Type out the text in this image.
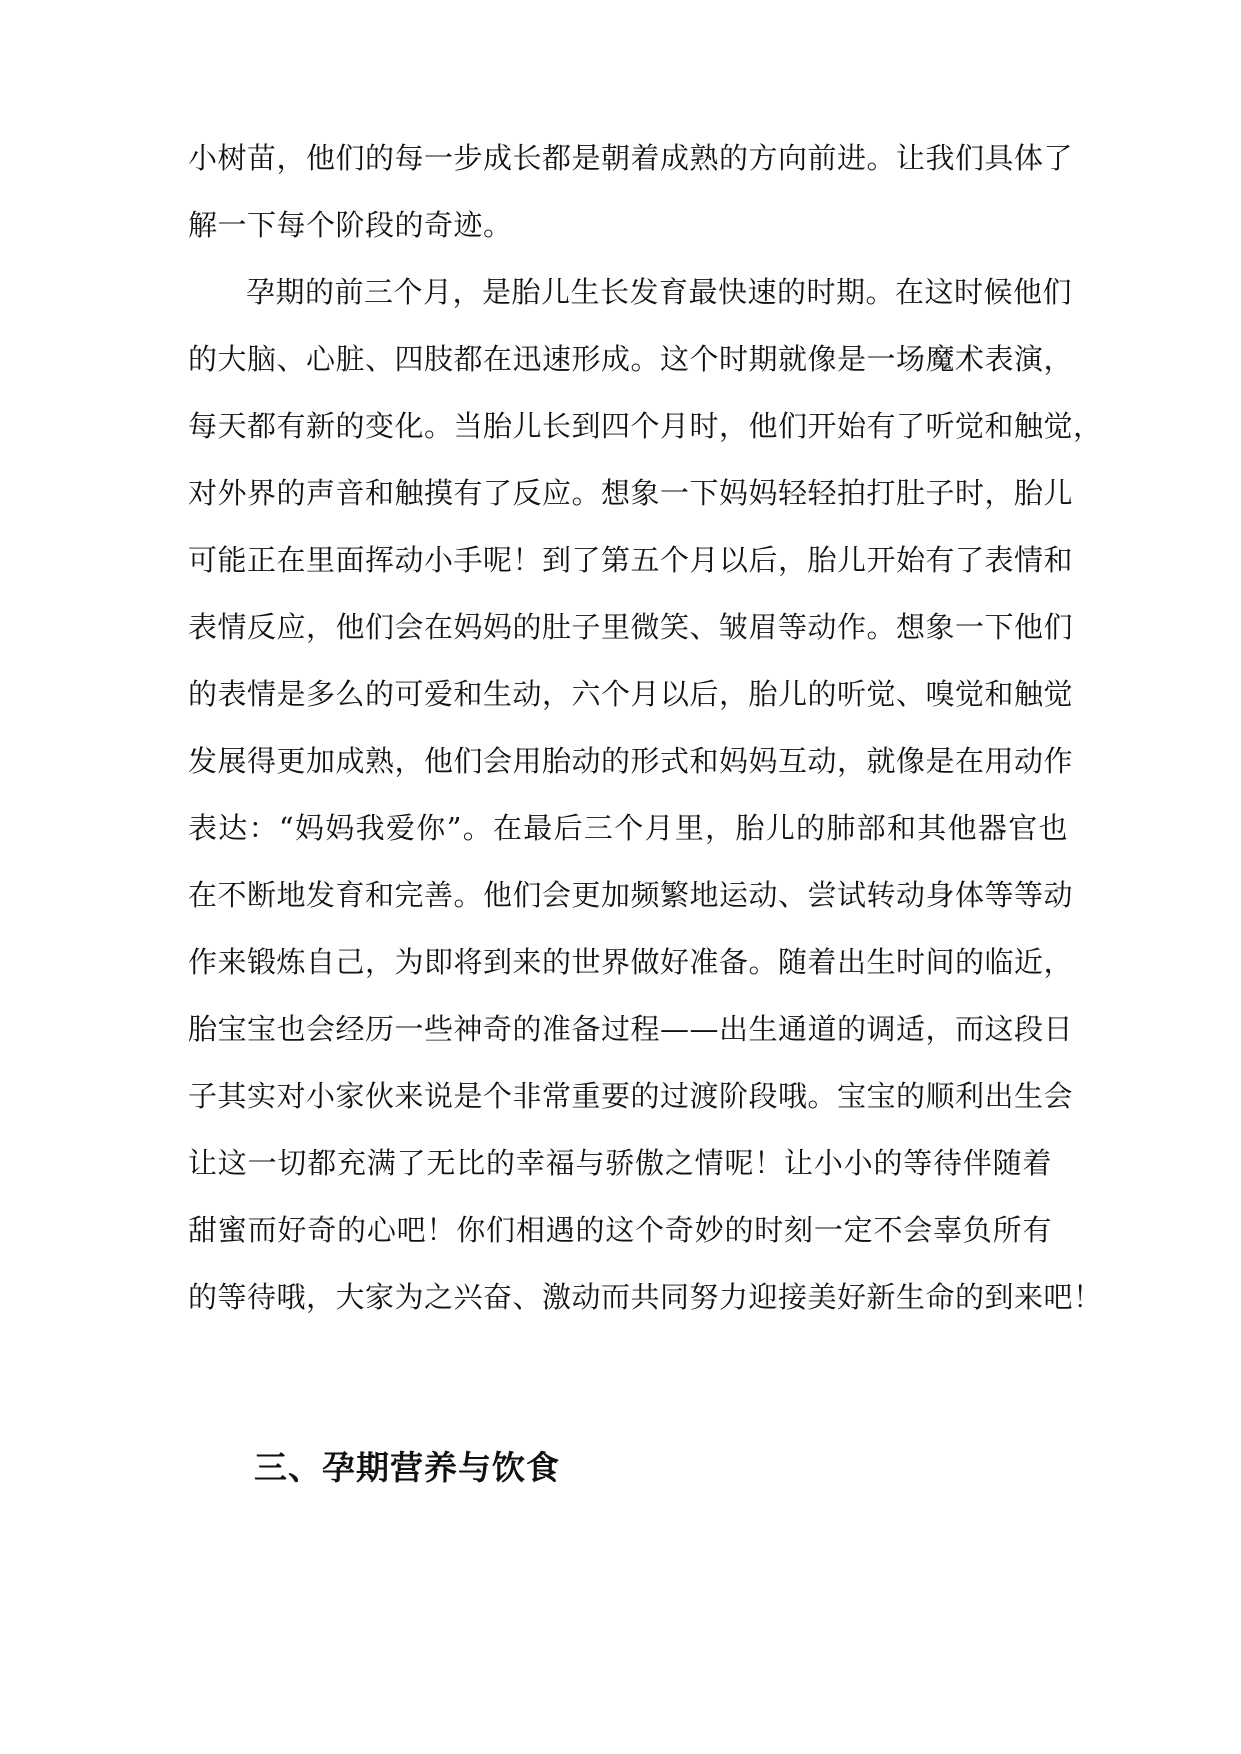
小树苗，他们的每一步成长都是朝着成熟的方向前进。让我们具体了
解一下每个阶段的奇迹。
孕期的前三个月，是胎儿生长发育最快速的时期。在这时候他们
的大脑、心脏、四肢都在迅速形成。这个时期就像是一场魔术表演，
每天都有新的变化。当胎儿长到四个月时，他们开始有了听觉和触觉，
对外界的声音和触摸有了反应。想象一下妈妈轻轻拍打肚子时，胎儿
可能正在里面挥动小手呢！到了第五个月以后，胎儿开始有了表情和
表情反应，他们会在妈妈的肚子里微笑、皱眉等动作。想象一下他们
的表情是多么的可爱和生动，六个月以后，胎儿的听觉、嗅觉和触觉
发展得更加成熟，他们会用胎动的形式和妈妈互动，就像是在用动作
表达：“妈妈我爱你”。在最后三个月里，胎儿的肺部和其他器官也
在不断地发育和完善。他们会更加频繁地运动、尝试转动身体等等动
作来锻炼自己，为即将到来的世界做好准备。随着出生时间的临近，
胎宝宝也会经历一些神奇的准备过程——出生通道的调适，而这段日
子其实对小家伙来说是个非常重要的过渡阶段哦。宝宝的顺利出生会
让这一切都充满了无比的幸福与骄傲之情呢！让小小的等待伴随着
甜蜜而好奇的心吧！你们相遇的这个奇妙的时刻一定不会辜负所有
的等待哦，大家为之兴奋、激动而共同努力迎接美好新生命的到来吧！
三、孕期营养与饮食
